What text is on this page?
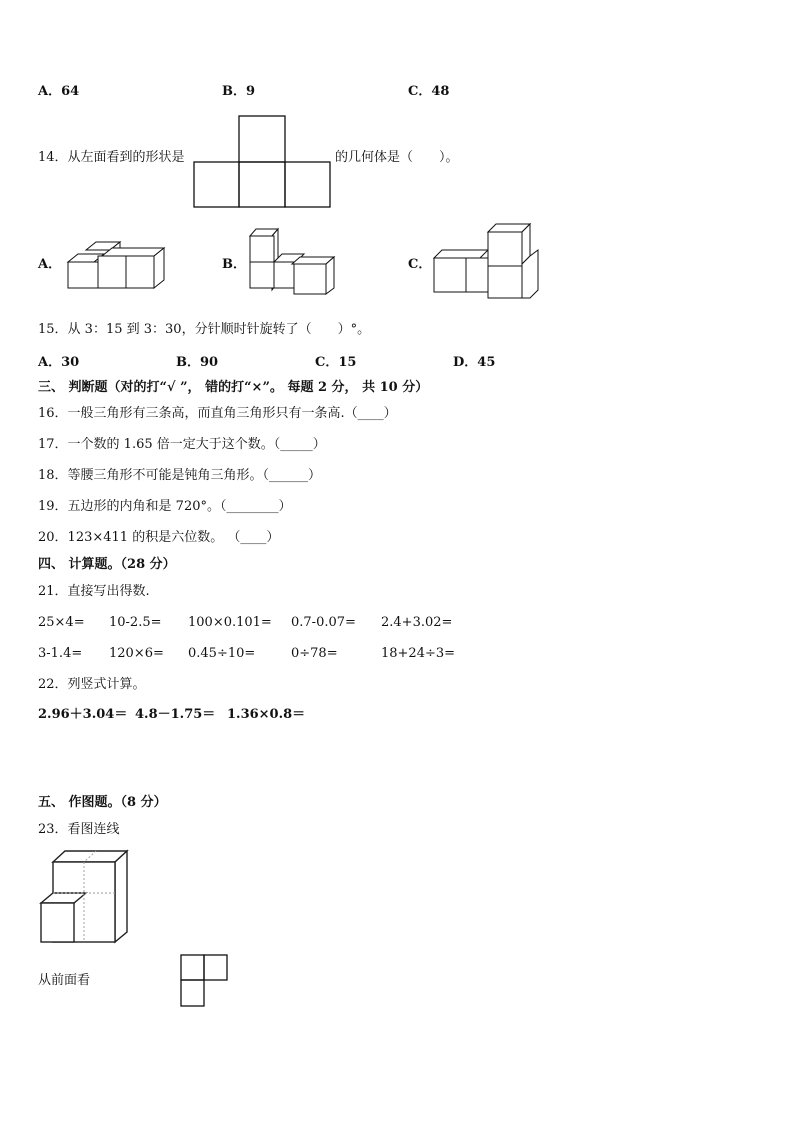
A．64	B．9	C．48
14．从左面看到的形状是	的几何体是（　　）。
A．	B．	C．
15．从 3：15 到 3：30，分针顺时针旋转了（　　）°。
A．30	B．90	C．15	D．45
三、 判断题（对的打“√ ”， 错的打“×”。 每题 2 分， 共 10 分）
16．一般三角形有三条高，而直角三角形只有一条高.（____）
17．一个数的 1.65 倍一定大于这个数。（_____）
18．等腰三角形不可能是钝角三角形。（______）
19．五边形的内角和是 720°。（________）
20．123×411 的积是六位数。 （____）
四、 计算题。（28 分）
21．直接写出得数.
25×4= 10-2.5= 100×0.101= 0.7-0.07= 2.4+3.02=
3-1.4= 120×6= 0.45÷10=	0÷78=	18+24÷3=
22．列竖式计算。
2.96＋3.04＝ 4.8－1.75＝ 1.36×0.8＝
五、 作图题。（8 分）
23．看图连线
从前面看
